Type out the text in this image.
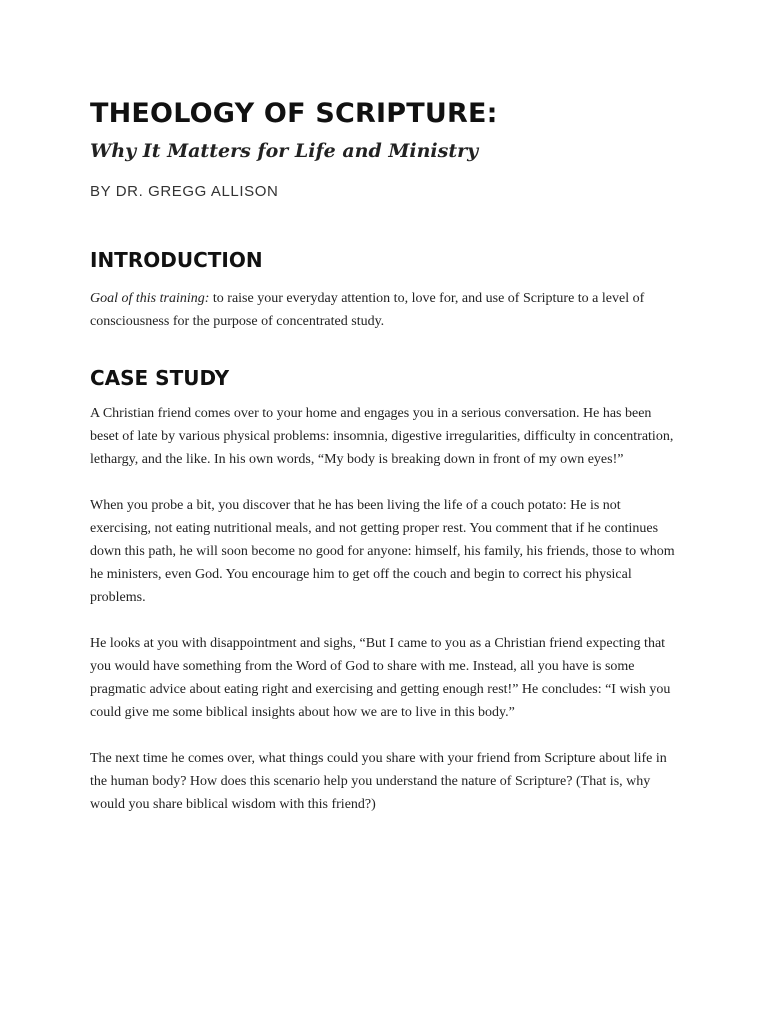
THEOLOGY OF SCRIPTURE:
Why It Matters for Life and Ministry
BY DR. GREGG ALLISON
INTRODUCTION

Goal of this training: to raise your everyday attention to, love for, and use of Scripture to a level of consciousness for the purpose of concentrated study.

CASE STUDY

A Christian friend comes over to your home and engages you in a serious conversation. He has been beset of late by various physical problems: insomnia, digestive irregularities, difficulty in concentration, lethargy, and the like. In his own words, “My body is breaking down in front of my own eyes!”

When you probe a bit, you discover that he has been living the life of a couch potato: He is not exercising, not eating nutritional meals, and not getting proper rest. You comment that if he continues down this path, he will soon become no good for anyone: himself, his family, his friends, those to whom he ministers, even God. You encourage him to get off the couch and begin to correct his physical problems.

He looks at you with disappointment and sighs, “But I came to you as a Christian friend expecting that you would have something from the Word of God to share with me. Instead, all you have is some pragmatic advice about eating right and exercising and getting enough rest!” He concludes: “I wish you could give me some biblical insights about how we are to live in this body.”

The next time he comes over, what things could you share with your friend from Scripture about life in the human body? How does this scenario help you understand the nature of Scripture? (That is, why would you share biblical wisdom with this friend?)
